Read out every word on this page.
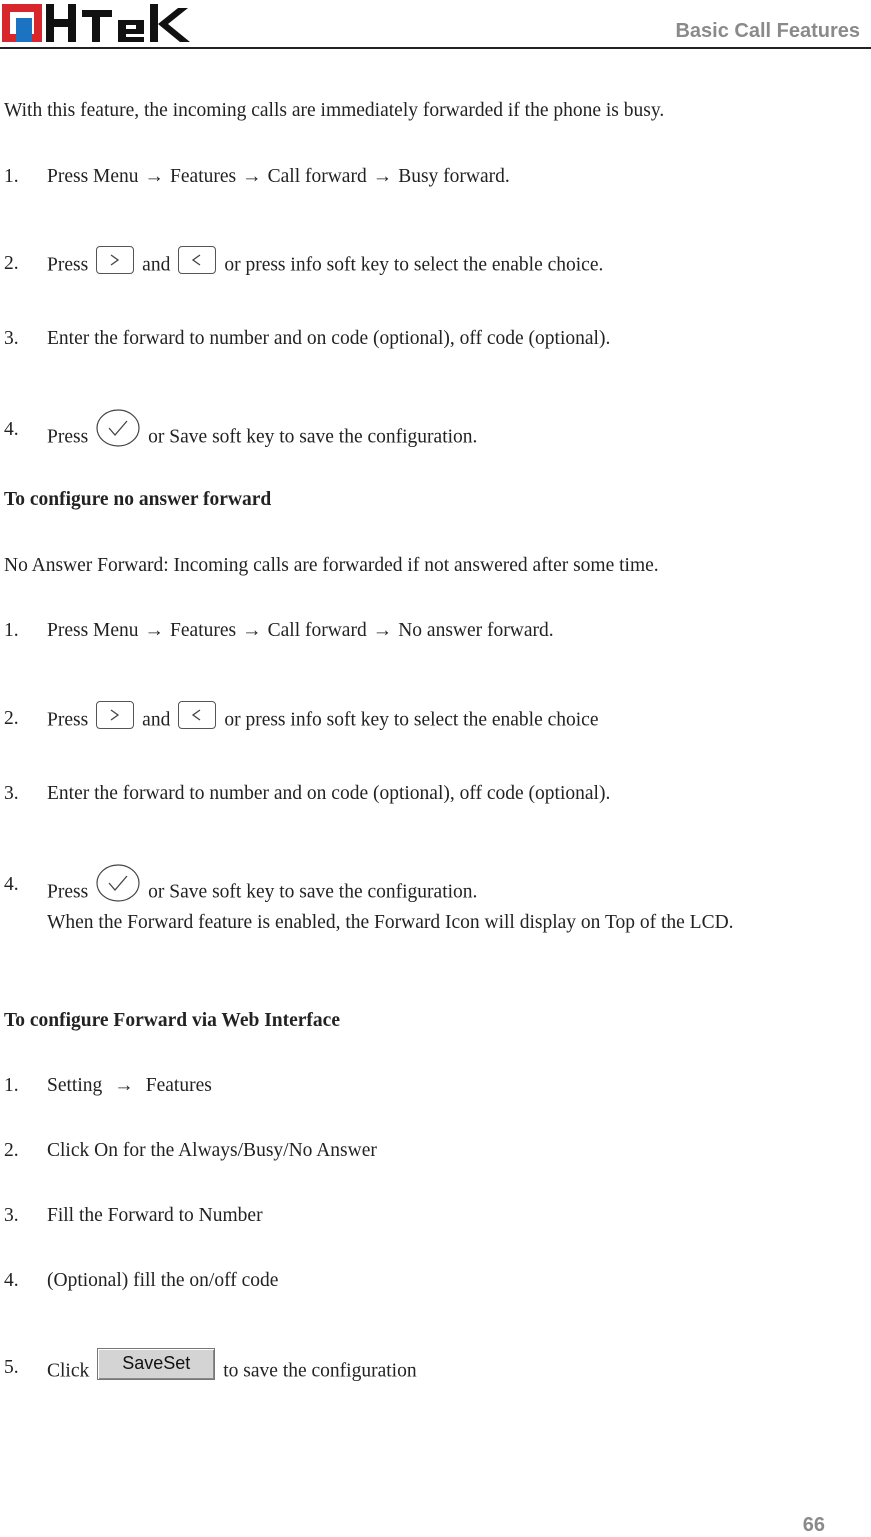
Basic Call Features
With this feature, the incoming calls are immediately forwarded if the phone is busy.
1. Press Menu → Features → Call forward → Busy forward.
2. Press	and	or press info soft key to select the enable choice.
3. Enter the forward to number and on code (optional), off code (optional).
4. Press	or Save soft key to save the configuration.
To configure no answer forward
No Answer Forward: Incoming calls are forwarded if not answered after some time.
1. Press Menu → Features → Call forward → No answer forward.
2. Press	and	or press info soft key to select the enable choice
3. Enter the forward to number and on code (optional), off code (optional).
4. Press	or Save soft key to save the configuration.
When the Forward feature is enabled, the Forward Icon will display on Top of the LCD.
To configure Forward via Web Interface
1. Setting → Features
2. Click On for the Always/Busy/No Answer
3. Fill the Forward to Number
4. (Optional) fill the on/off code
5. Click SaveSet to save the configuration
66
